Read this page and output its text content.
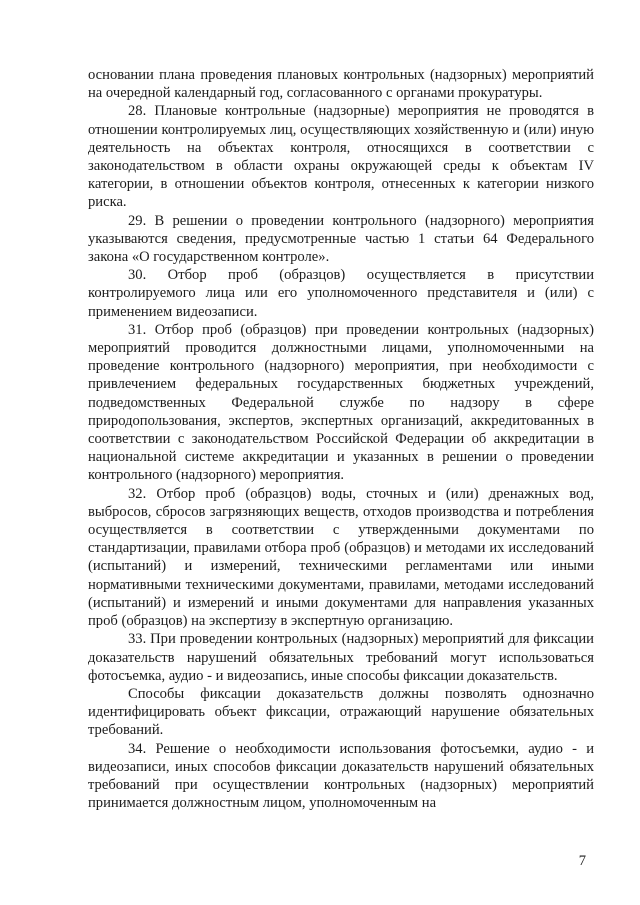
основании плана проведения плановых контрольных (надзорных) мероприятий на очередной календарный год, согласованного с органами прокуратуры.

28. Плановые контрольные (надзорные) мероприятия не проводятся в отношении контролируемых лиц, осуществляющих хозяйственную и (или) иную деятельность на объектах контроля, относящихся в соответствии с законодательством в области охраны окружающей среды к объектам IV категории, в отношении объектов контроля, отнесенных к категории низкого риска.

29. В решении о проведении контрольного (надзорного) мероприятия указываются сведения, предусмотренные частью 1 статьи 64 Федерального закона «О государственном контроле».

30. Отбор проб (образцов) осуществляется в присутствии контролируемого лица или его уполномоченного представителя и (или) с применением видеозаписи.

31. Отбор проб (образцов) при проведении контрольных (надзорных) мероприятий проводится должностными лицами, уполномоченными на проведение контрольного (надзорного) мероприятия, при необходимости с привлечением федеральных государственных бюджетных учреждений, подведомственных Федеральной службе по надзору в сфере природопользования, экспертов, экспертных организаций, аккредитованных в соответствии с законодательством Российской Федерации об аккредитации в национальной системе аккредитации и указанных в решении о проведении контрольного (надзорного) мероприятия.

32. Отбор проб (образцов) воды, сточных и (или) дренажных вод, выбросов, сбросов загрязняющих веществ, отходов производства и потребления осуществляется в соответствии с утвержденными документами по стандартизации, правилами отбора проб (образцов) и методами их исследований (испытаний) и измерений, техническими регламентами или иными нормативными техническими документами, правилами, методами исследований (испытаний) и измерений и иными документами для направления указанных проб (образцов) на экспертизу в экспертную организацию.

33. При проведении контрольных (надзорных) мероприятий для фиксации доказательств нарушений обязательных требований могут использоваться фотосъемка, аудио - и видеозапись, иные способы фиксации доказательств.

Способы фиксации доказательств должны позволять однозначно идентифицировать объект фиксации, отражающий нарушение обязательных требований.

34. Решение о необходимости использования фотосъемки, аудио - и видеозаписи, иных способов фиксации доказательств нарушений обязательных требований при осуществлении контрольных (надзорных) мероприятий принимается должностным лицом, уполномоченным на

7
